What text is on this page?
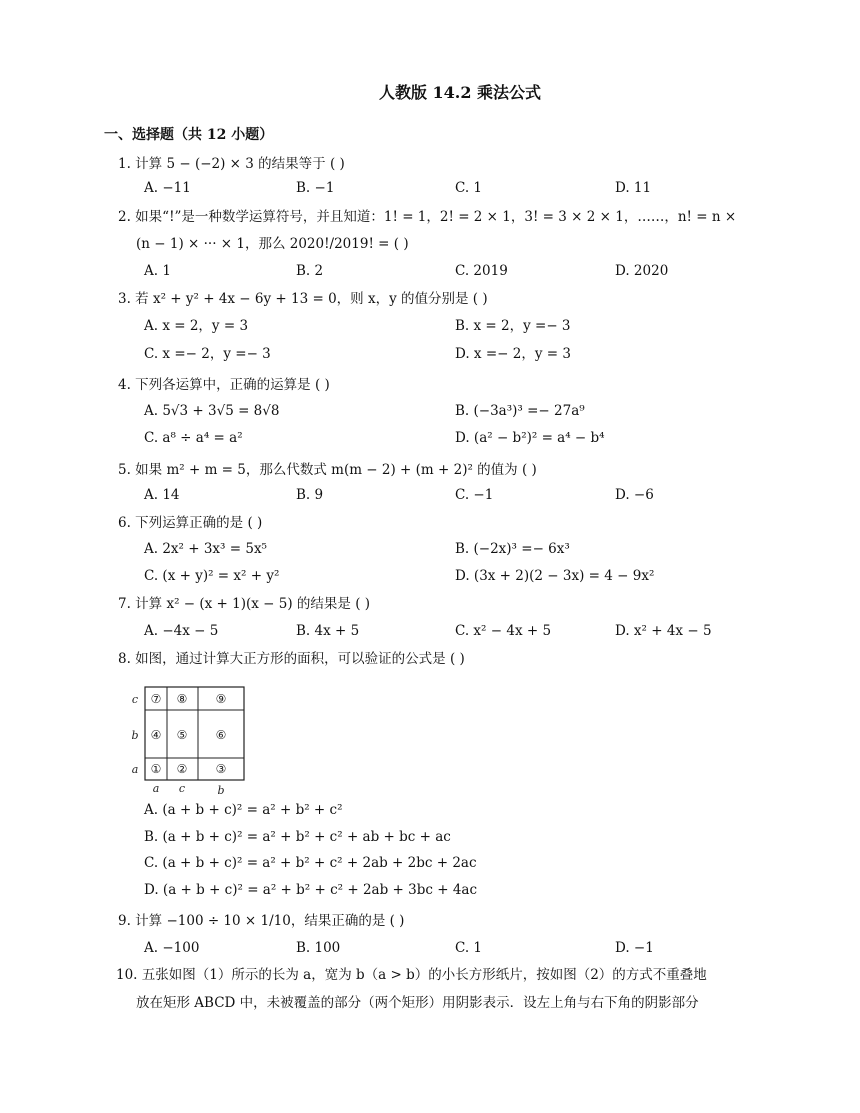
人教版 14.2 乘法公式
一、选择题（共 12 小题）
1. 计算 5 − (−2) × 3 的结果等于 ( )
A. −11	B. −1	C. 1	D. 11
2. 如果“!”是一种数学运算符号，并且知道：1! = 1，2! = 2 × 1，3! = 3 × 2 × 1，……，n! = n ×
(n − 1) × ··· × 1，那么 2020!/2019! = ( )
A. 1	B. 2	C. 2019	D. 2020
3. 若 x² + y² + 4x − 6y + 13 = 0，则 x，y 的值分别是 ( )
A. x = 2，y = 3	B. x = 2，y =− 3
C. x =− 2，y =− 3	D. x =− 2，y = 3
4. 下列各运算中，正确的运算是 ( )
A. 5√3 + 3√5 = 8√8	B. (−3a³)³ =− 27a⁹
C. a⁸ ÷ a⁴ = a²	D. (a² − b²)² = a⁴ − b⁴
5. 如果 m² + m = 5，那么代数式 m(m − 2) + (m + 2)² 的值为 ( )
A. 14	B. 9	C. −1	D. −6
6. 下列运算正确的是 ( )
A. 2x² + 3x³ = 5x⁵	B. (−2x)³ =− 6x³
C. (x + y)² = x² + y²	D. (3x + 2)(2 − 3x) = 4 − 9x²
7. 计算 x² − (x + 1)(x − 5) 的结果是 ( )
A. −4x − 5	B. 4x + 5	C. x² − 4x + 5	D. x² + 4x − 5
8. 如图，通过计算大正方形的面积，可以验证的公式是 ( )
⑦ ⑧ ⑨
④ ⑤ ⑥
① ② ③
c
b
a
a c	b
A. (a + b + c)² = a² + b² + c²
B. (a + b + c)² = a² + b² + c² + ab + bc + ac
C. (a + b + c)² = a² + b² + c² + 2ab + 2bc + 2ac
D. (a + b + c)² = a² + b² + c² + 2ab + 3bc + 4ac
9. 计算 −100 ÷ 10 × 1/10，结果正确的是 ( )
A. −100	B. 100	C. 1	D. −1
10. 五张如图（1）所示的长为 a，宽为 b（a > b）的小长方形纸片，按如图（2）的方式不重叠地
放在矩形 ABCD 中，未被覆盖的部分（两个矩形）用阴影表示．设左上角与右下角的阴影部分
